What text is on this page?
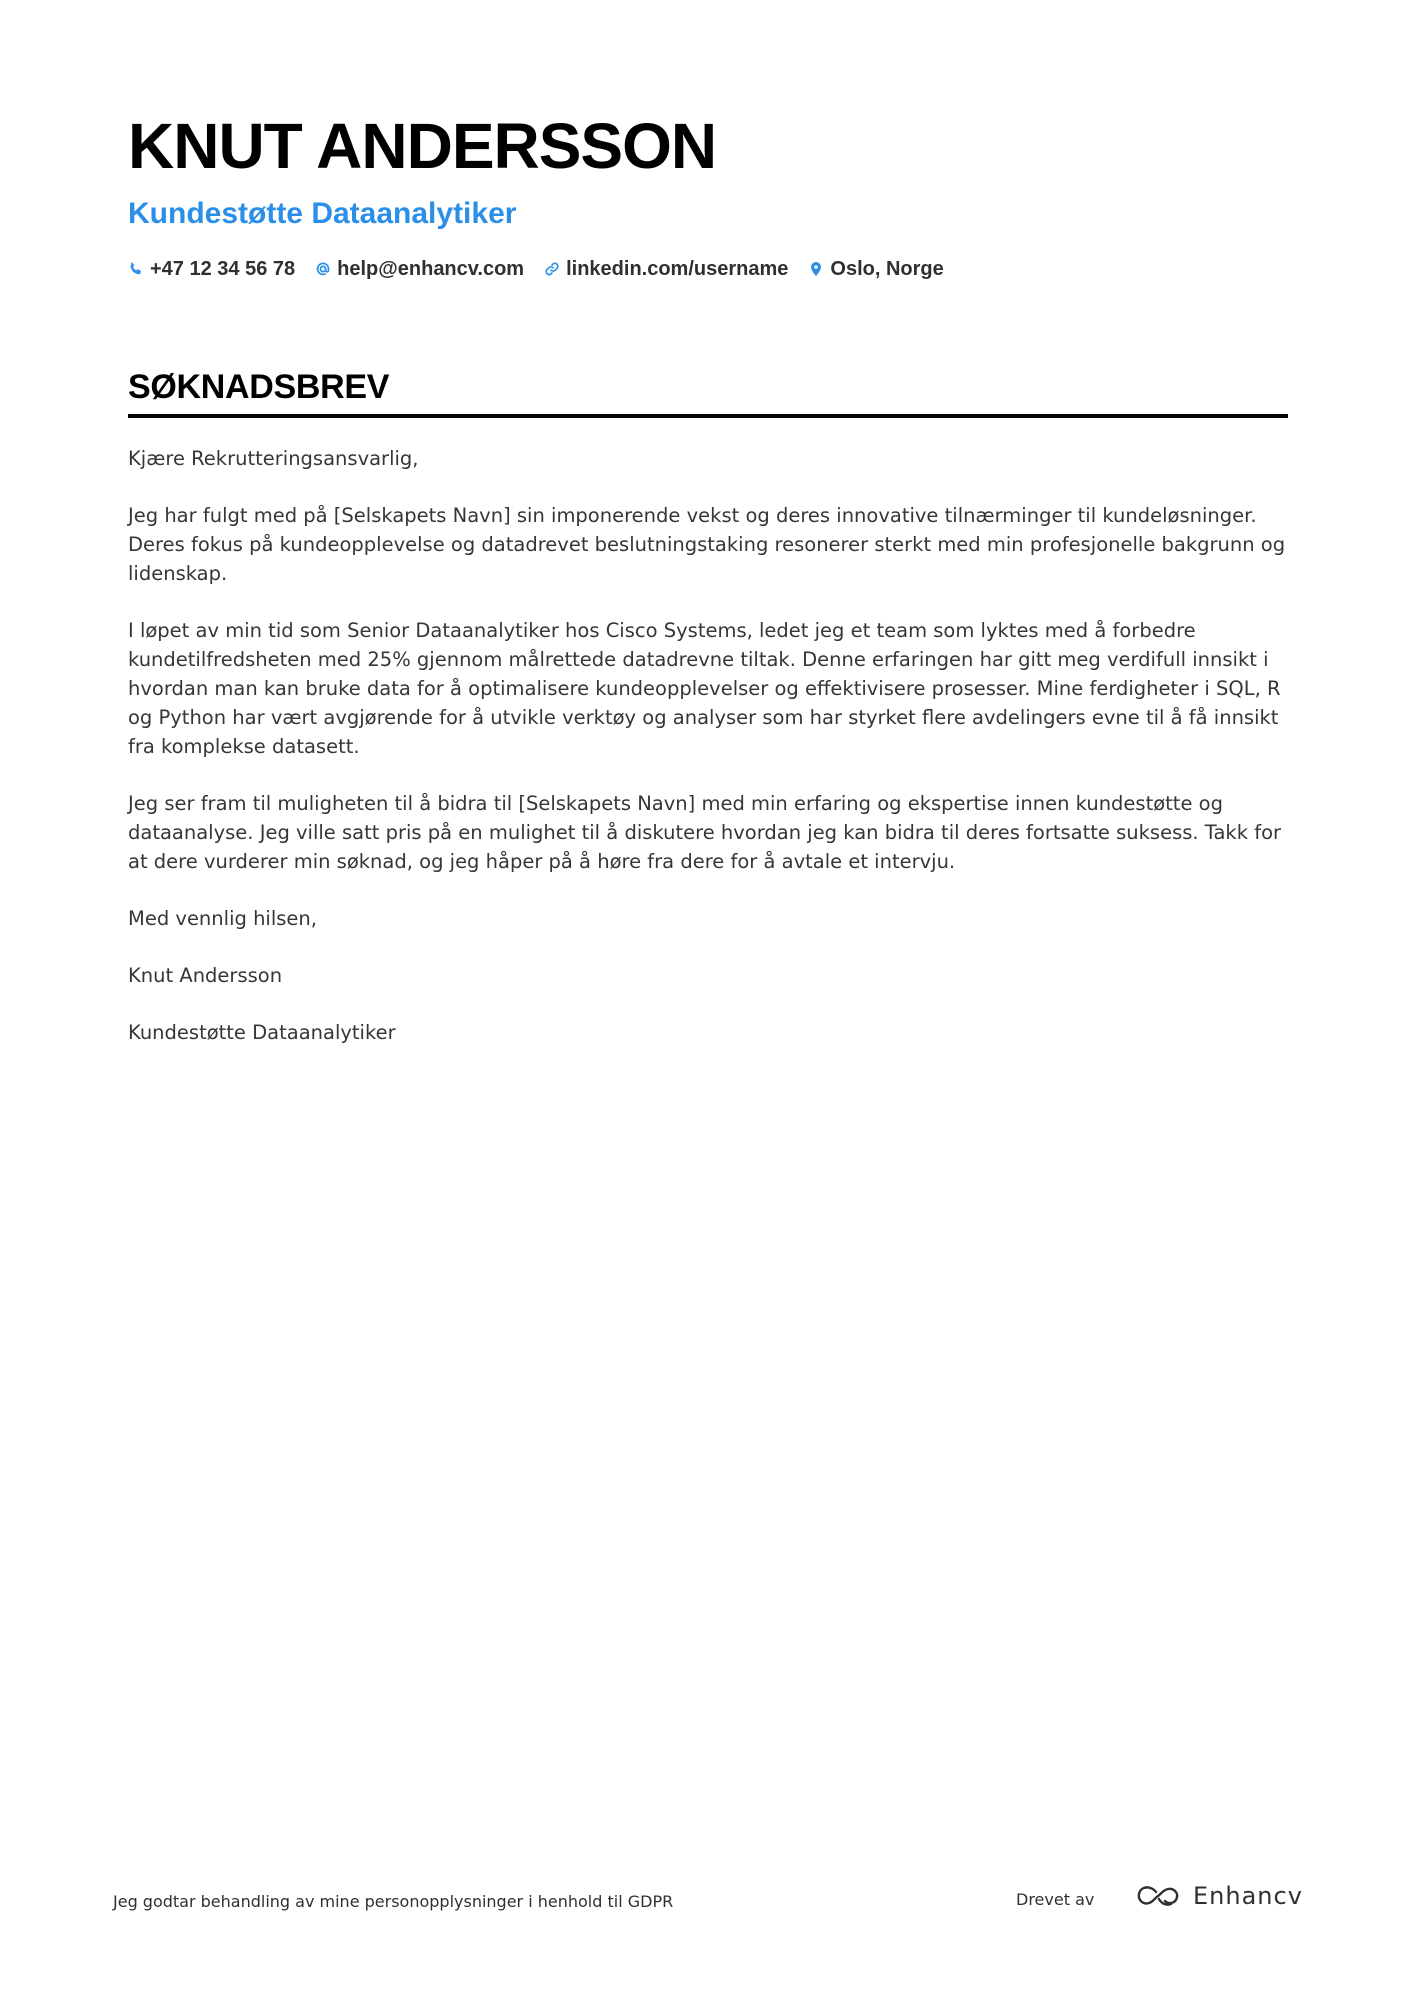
KNUT ANDERSSON
Kundestøtte Dataanalytiker
+47 12 34 56 78 help@enhancv.com linkedin.com/username Oslo, Norge
SØKNADSBREV

Kjære Rekrutteringsansvarlig,

Jeg har fulgt med på [Selskapets Navn] sin imponerende vekst og deres innovative tilnærminger til kundeløsninger. Deres fokus på kundeopplevelse og datadrevet beslutningstaking resonerer sterkt med min profesjonelle bakgrunn og lidenskap.

I løpet av min tid som Senior Dataanalytiker hos Cisco Systems, ledet jeg et team som lyktes med å forbedre kundetilfredsheten med 25% gjennom målrettede datadrevne tiltak. Denne erfaringen har gitt meg verdifull innsikt i hvordan man kan bruke data for å optimalisere kundeopplevelser og effektivisere prosesser. Mine ferdigheter i SQL, R og Python har vært avgjørende for å utvikle verktøy og analyser som har styrket flere avdelingers evne til å få innsikt fra komplekse datasett.

Jeg ser fram til muligheten til å bidra til [Selskapets Navn] med min erfaring og ekspertise innen kundestøtte og dataanalyse. Jeg ville satt pris på en mulighet til å diskutere hvordan jeg kan bidra til deres fortsatte suksess. Takk for at dere vurderer min søknad, og jeg håper på å høre fra dere for å avtale et intervju.

Med vennlig hilsen,

Knut Andersson

Kundestøtte Dataanalytiker

Jeg godtar behandling av mine personopplysninger i henhold til GDPR	Drevet av	Enhancv
